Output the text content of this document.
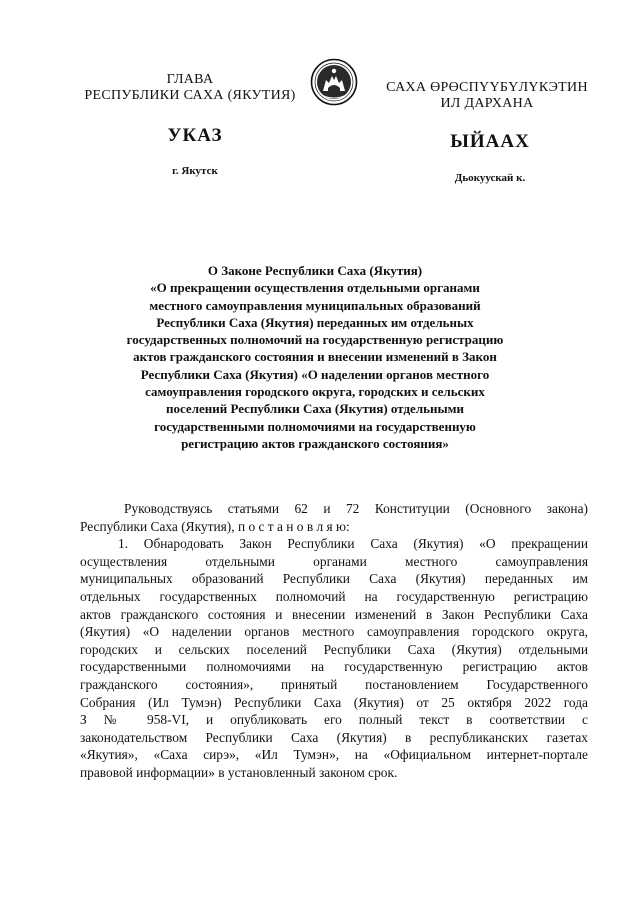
ГЛАВА
РЕСПУБЛИКИ САХА (ЯКУТИЯ)
САХА ӨРӨСПҮҮБҮЛҮКЭТИН
ИЛ ДАРХАНА
УКАЗ	ЫЙААХ
г. Якутск
Дьокуускай к.
О Законе Республики Саха (Якутия)
«О прекращении осуществления отдельными органами
местного самоуправления муниципальных образований
Республики Саха (Якутия) переданных им отдельных
государственных полномочий на государственную регистрацию
актов гражданского состояния и внесении изменений в Закон
Республики Саха (Якутия) «О наделении органов местного
самоуправления городского округа, городских и сельских
поселений Республики Саха (Якутия) отдельными
государственными полномочиями на государственную
регистрацию актов гражданского состояния»
Руководствуясь статьями 62 и 72 Конституции (Основного закона)
Республики Саха (Якутия), п о с т а н о в л я ю:
1. Обнародовать Закон Республики Саха (Якутия) «О прекращении
осуществления отдельными органами местного самоуправления
муниципальных образований Республики Саха (Якутия) переданных им
отдельных государственных полномочий на государственную регистрацию
актов гражданского состояния и внесении изменений в Закон Республики Саха
(Якутия) «О наделении органов местного самоуправления городского округа,
городских и сельских поселений Республики Саха (Якутия) отдельными
государственными полномочиями на государственную регистрацию актов
гражданского состояния», принятый постановлением Государственного
Собрания (Ил Тумэн) Республики Саха (Якутия) от 25 октября 2022 года
З № 958-VI, и опубликовать его полный текст в соответствии с
законодательством Республики Саха (Якутия) в республиканских газетах
«Якутия», «Саха сирэ», «Ил Тумэн», на «Официальном интернет-портале
правовой информации» в установленный законом срок.
